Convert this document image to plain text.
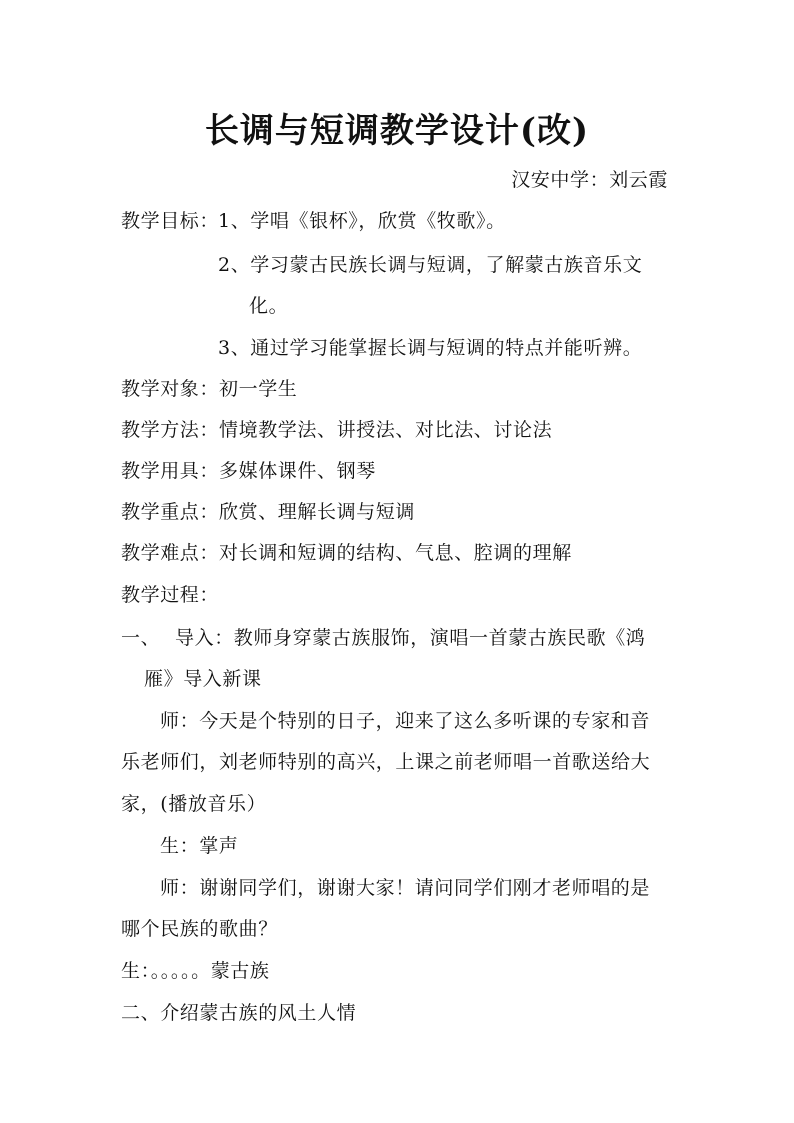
长调与短调教学设计(改)
汉安中学：刘云霞
教学目标：
1、学唱《银杯》，欣赏《牧歌》。
2、学习蒙古民族长调与短调，了解蒙古族音乐文
化。
3、通过学习能掌握长调与短调的特点并能听辨。
教学对象：初一学生
教学方法：情境教学法、讲授法、对比法、讨论法
教学用具：多媒体课件、钢琴
教学重点：欣赏、理解长调与短调
教学难点：对长调和短调的结构、气息、腔调的理解
教学过程：
一、 导入：教师身穿蒙古族服饰，演唱一首蒙古族民歌《鸿
雁》导入新课
师：今天是个特别的日子，迎来了这么多听课的专家和音
乐老师们，刘老师特别的高兴，上课之前老师唱一首歌送给大
家，(播放音乐）
生：掌声
师：谢谢同学们，谢谢大家！请问同学们刚才老师唱的是
哪个民族的歌曲？
生：。。。。。蒙古族
二、介绍蒙古族的风土人情
